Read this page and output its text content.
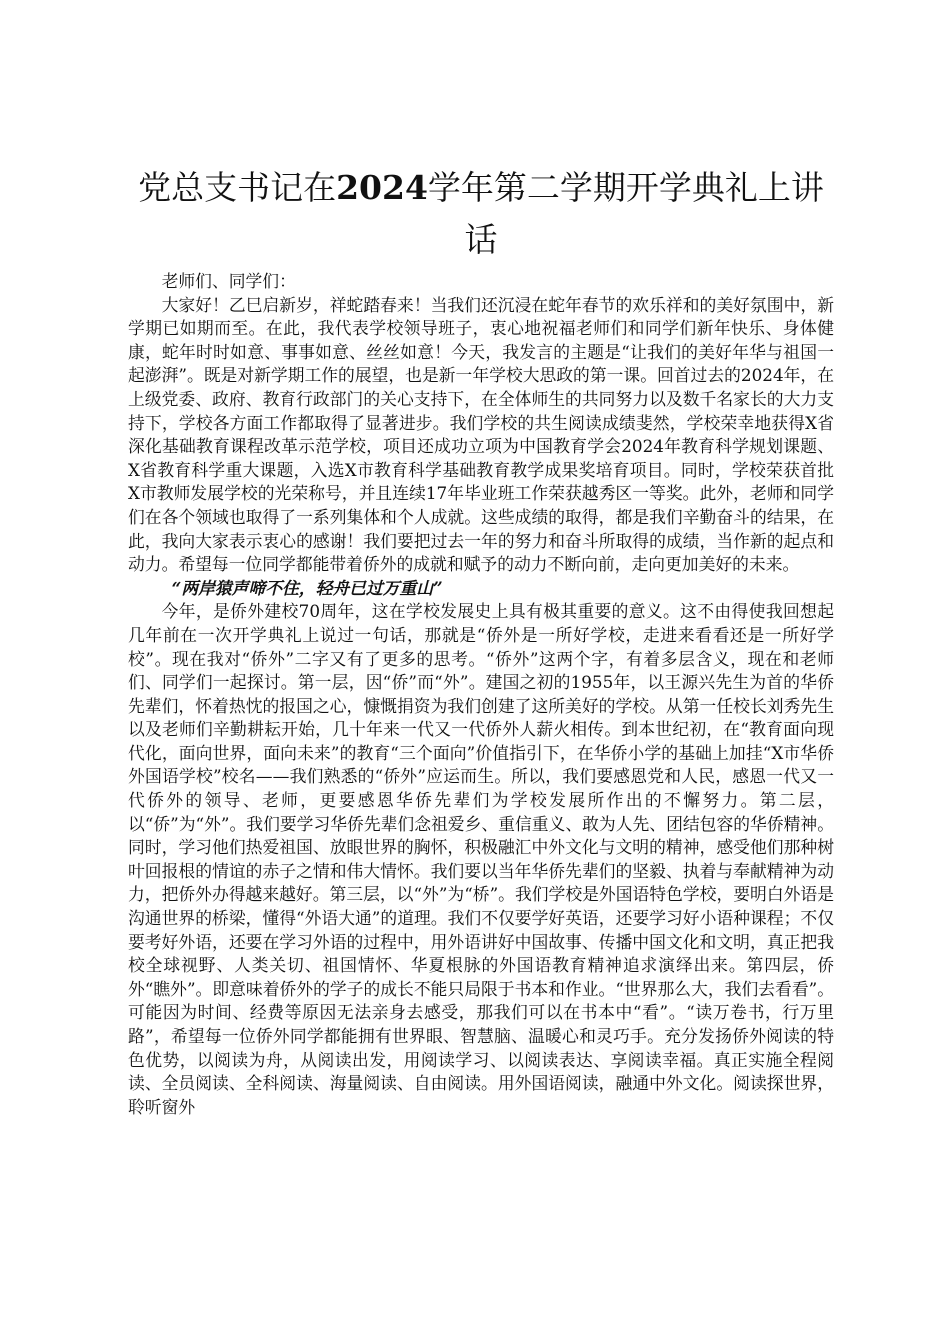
党总支书记在2024学年第二学期开学典礼上讲话

老师们、同学们：

大家好！乙巳启新岁，祥蛇踏春来！当我们还沉浸在蛇年春节的欢乐祥和的美好氛围中，新学期已如期而至。在此，我代表学校领导班子，衷心地祝福老师们和同学们新年快乐、身体健康，蛇年时时如意、事事如意、丝丝如意！今天，我发言的主题是“让我们的美好年华与祖国一起澎湃”。既是对新学期工作的展望，也是新一年学校大思政的第一课。回首过去的2024年，在上级党委、政府、教育行政部门的关心支持下，在全体师生的共同努力以及数千名家长的大力支持下，学校各方面工作都取得了显著进步。我们学校的共生阅读成绩斐然，学校荣幸地获得X省深化基础教育课程改革示范学校，项目还成功立项为中国教育学会2024年教育科学规划课题、X省教育科学重大课题，入选X市教育科学基础教育教学成果奖培育项目。同时，学校荣获首批X市教师发展学校的光荣称号，并且连续17年毕业班工作荣获越秀区一等奖。此外，老师和同学们在各个领域也取得了一系列集体和个人成就。这些成绩的取得，都是我们辛勤奋斗的结果，在此，我向大家表示衷心的感谢！我们要把过去一年的努力和奋斗所取得的成绩，当作新的起点和动力。希望每一位同学都能带着侨外的成就和赋予的动力不断向前，走向更加美好的未来。

“两岸猿声啼不住，轻舟已过万重山”

今年，是侨外建校70周年，这在学校发展史上具有极其重要的意义。这不由得使我回想起几年前在一次开学典礼上说过一句话，那就是“侨外是一所好学校，走进来看看还是一所好学校”。现在我对“侨外”二字又有了更多的思考。“侨外”这两个字，有着多层含义，现在和老师们、同学们一起探讨。第一层，因“侨”而“外”。建国之初的1955年，以王源兴先生为首的华侨先辈们，怀着热忱的报国之心，慷慨捐资为我们创建了这所美好的学校。从第一任校长刘秀先生以及老师们辛勤耕耘开始，几十年来一代又一代侨外人薪火相传。到本世纪初，在“教育面向现代化，面向世界，面向未来”的教育“三个面向”价值指引下，在华侨小学的基础上加挂“X市华侨外国语学校”校名——我们熟悉的“侨外”应运而生。所以，我们要感恩党和人民，感恩一代又一代侨外的领导、老师，更要感恩华侨先辈们为学校发展所作出的不懈努力。第二层，以“侨”为“外”。我们要学习华侨先辈们念祖爱乡、重信重义、敢为人先、团结包容的华侨精神。同时，学习他们热爱祖国、放眼世界的胸怀，积极融汇中外文化与文明的精神，感受他们那种树叶回报根的情谊的赤子之情和伟大情怀。我们要以当年华侨先辈们的坚毅、执着与奉献精神为动力，把侨外办得越来越好。第三层，以“外”为“桥”。我们学校是外国语特色学校，要明白外语是沟通世界的桥梁，懂得“外语大通”的道理。我们不仅要学好英语，还要学习好小语种课程；不仅要考好外语，还要在学习外语的过程中，用外语讲好中国故事、传播中国文化和文明，真正把我校全球视野、人类关切、祖国情怀、华夏根脉的外国语教育精神追求演绎出来。第四层，侨外“瞧外”。即意味着侨外的学子的成长不能只局限于书本和作业。“世界那么大，我们去看看”。可能因为时间、经费等原因无法亲身去感受，那我们可以在书本中“看”。“读万卷书，行万里路”，希望每一位侨外同学都能拥有世界眼、智慧脑、温暖心和灵巧手。充分发扬侨外阅读的特色优势，以阅读为舟，从阅读出发，用阅读学习、以阅读表达、享阅读幸福。真正实施全程阅读、全员阅读、全科阅读、海量阅读、自由阅读。用外国语阅读，融通中外文化。阅读探世界，聆听窗外
